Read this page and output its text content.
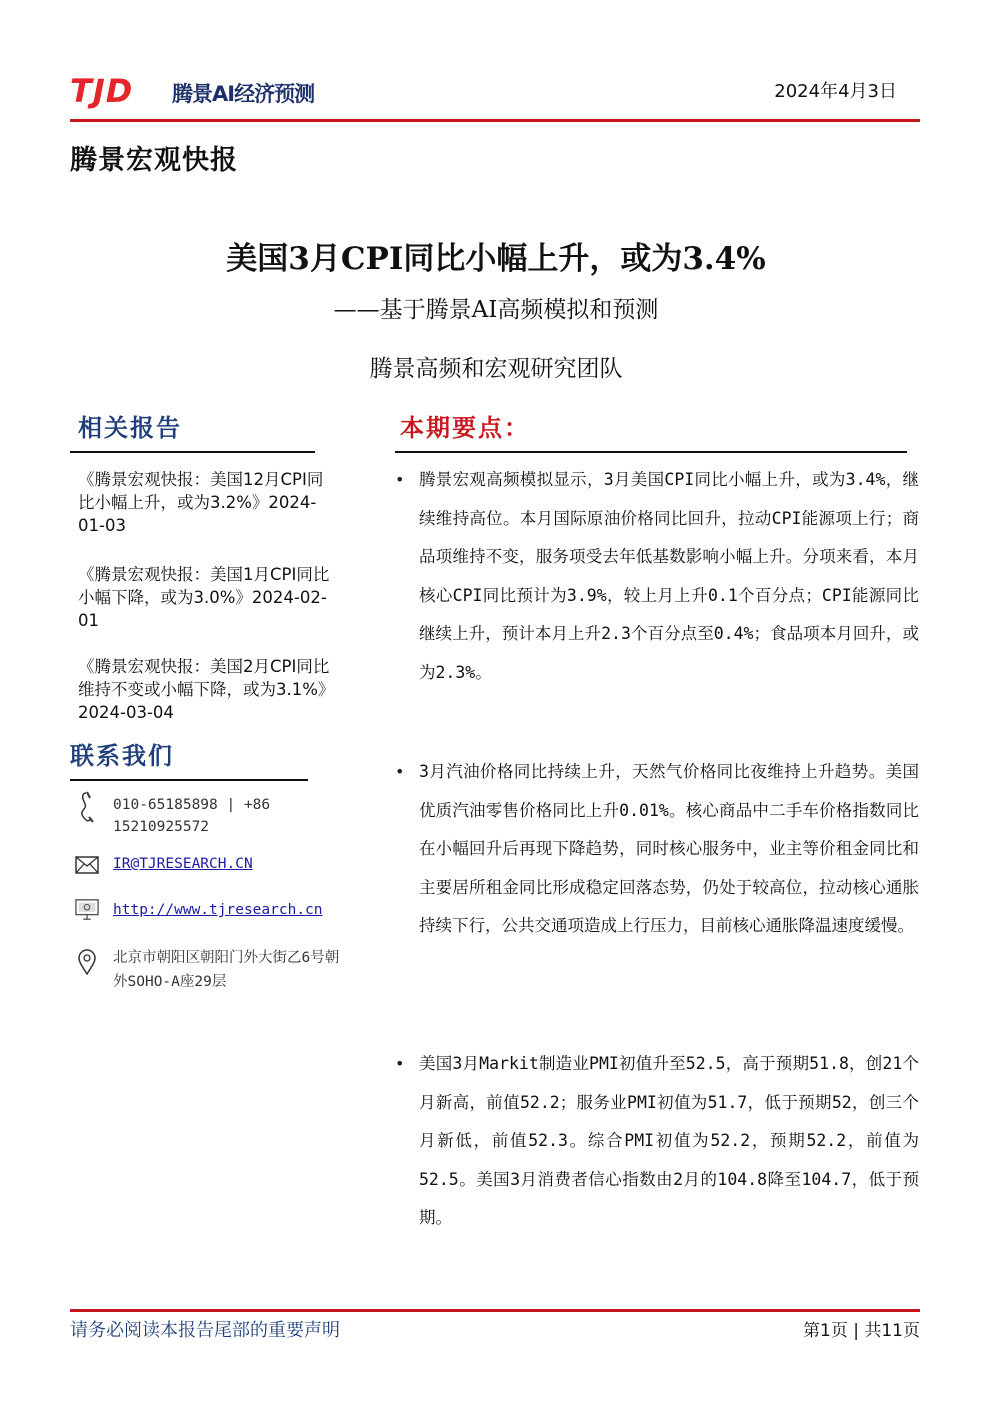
TJD 腾景AI经济预测	2024年4月3日
腾景宏观快报
美国3月CPI同比小幅上升，或为3.4%
——基于腾景AI高频模拟和预测
腾景高频和宏观研究团队
相关报告
《腾景宏观快报：美国12月CPI同比小幅上升，或为3.2%》2024-01-03
《腾景宏观快报：美国1月CPI同比小幅下降，或为3.0%》2024-02-01
《腾景宏观快报：美国2月CPI同比维持不变或小幅下降，或为3.1%》2024-03-04
联系我们
010-65185898 | +86 15210925572
IR@TJRESEARCH.CN
http://www.tjresearch.cn
北京市朝阳区朝阳门外大街乙6号朝外SOHO-A座29层
本期要点：
• 腾景宏观高频模拟显示，3月美国CPI同比小幅上升，或为3.4%，继续维持高位。本月国际原油价格同比回升，拉动CPI能源项上行；商品项维持不变，服务项受去年低基数影响小幅上升。分项来看，本月核心CPI同比预计为3.9%，较上月上升0.1个百分点；CPI能源同比继续上升，预计本月上升2.3个百分点至0.4%；食品项本月回升，或为2.3%。
• 3月汽油价格同比持续上升，天然气价格同比夜维持上升趋势。美国优质汽油零售价格同比上升0.01%。核心商品中二手车价格指数同比在小幅回升后再现下降趋势，同时核心服务中，业主等价租金同比和主要居所租金同比形成稳定回落态势，仍处于较高位，拉动核心通胀持续下行，公共交通项造成上行压力，目前核心通胀降温速度缓慢。
• 美国3月Markit制造业PMI初值升至52.5，高于预期51.8，创21个月新高，前值52.2；服务业PMI初值为51.7，低于预期52，创三个月新低，前值52.3。综合PMI初值为52.2，预期52.2，前值为52.5。美国3月消费者信心指数由2月的104.8降至104.7，低于预期。
请务必阅读本报告尾部的重要声明	第1页 | 共11页
